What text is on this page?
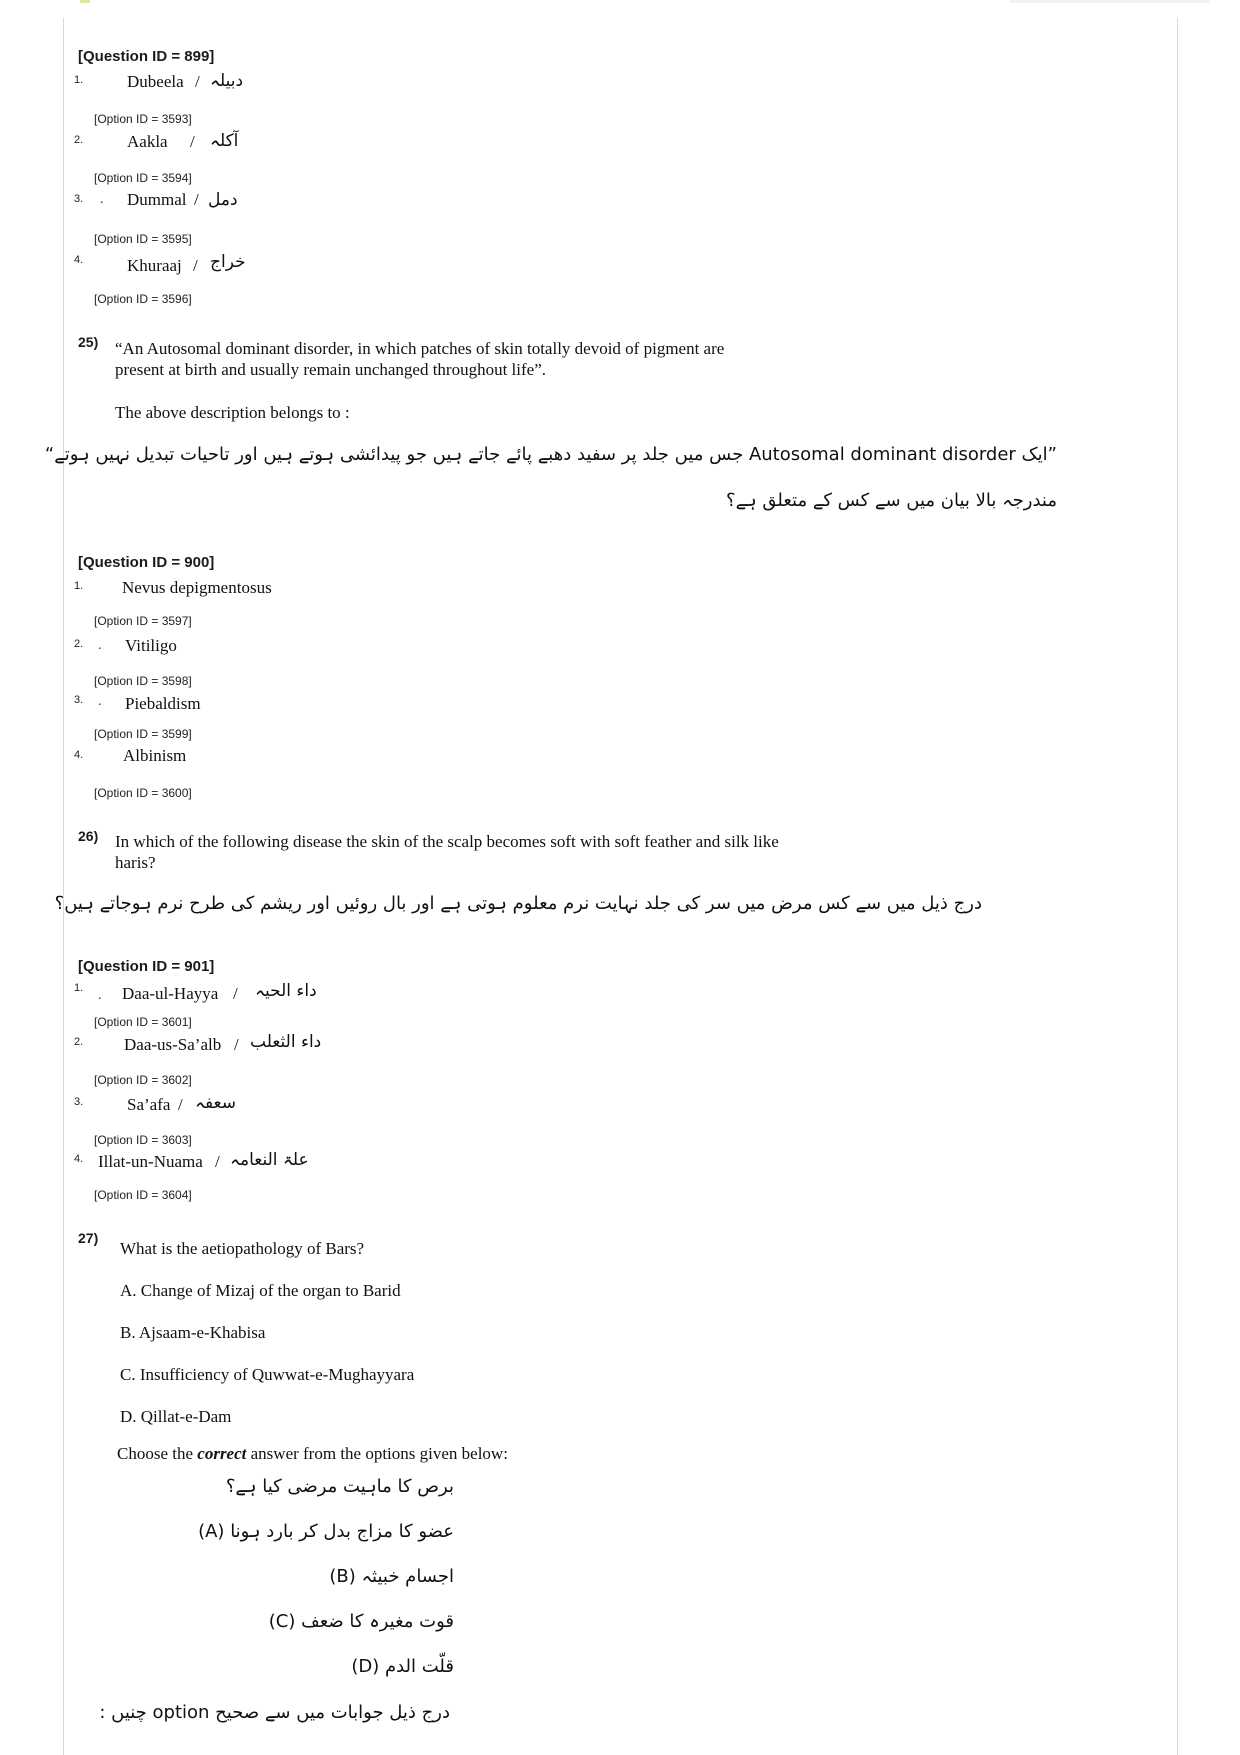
[Question ID = 899]
1.	Dubeela / دبیلہ
[Option ID = 3593]
2.	Aakla / آکلہ
[Option ID = 3594]
3. . Dummal / دمل
[Option ID = 3595]
4.	Khuraaj / خراج
[Option ID = 3596]
25) “An Autosomal dominant disorder, in which patches of skin totally devoid of pigment are
present at birth and usually remain unchanged throughout life”.
The above description belongs to :
”ایک Autosomal dominant disorder جس میں جلد پر سفید دھبے پائے جاتے ہیں جو پیدائشی ہوتے ہیں اور تاحیات تبدیل نہیں ہوتے“
مندرجہ بالا بیان میں سے کس کے متعلق ہے؟
[Question ID = 900]
1. Nevus depigmentosus
[Option ID = 3597]
2. . Vitiligo
[Option ID = 3598]
3. . Piebaldism
[Option ID = 3599]
4. Albinism
[Option ID = 3600]
26) In which of the following disease the skin of the scalp becomes soft with soft feather and silk like
haris?
درج ذیل میں سے کس مرض میں سر کی جلد نہایت نرم معلوم ہوتی ہے اور بال روئیں اور ریشم کی طرح نرم ہوجاتے ہیں؟
[Question ID = 901]
1. . Daa-ul-Hayya / داء الحیہ
[Option ID = 3601]
2. Daa-us-Sa’alb / داء الثعلب
[Option ID = 3602]
3.	Sa’afa / سعفہ
[Option ID = 3603]
4. Illat-un-Nuama / علۃ النعامہ
[Option ID = 3604]
27)
What is the aetiopathology of Bars?
A. Change of Mizaj of the organ to Barid
B. Ajsaam-e-Khabisa
C. Insufficiency of Quwwat-e-Mughayyara
D. Qillat-e-Dam
Choose the correct answer from the options given below:
برص کا ماہیت مرضی کیا ہے؟
(A) عضو کا مزاج بدل کر بارد ہونا
(B) اجسام خبیثہ
(C) قوت مغیرہ کا ضعف
(D) قلّت الدم
درج ذیل جوابات میں سے صحیح option چنیں :
